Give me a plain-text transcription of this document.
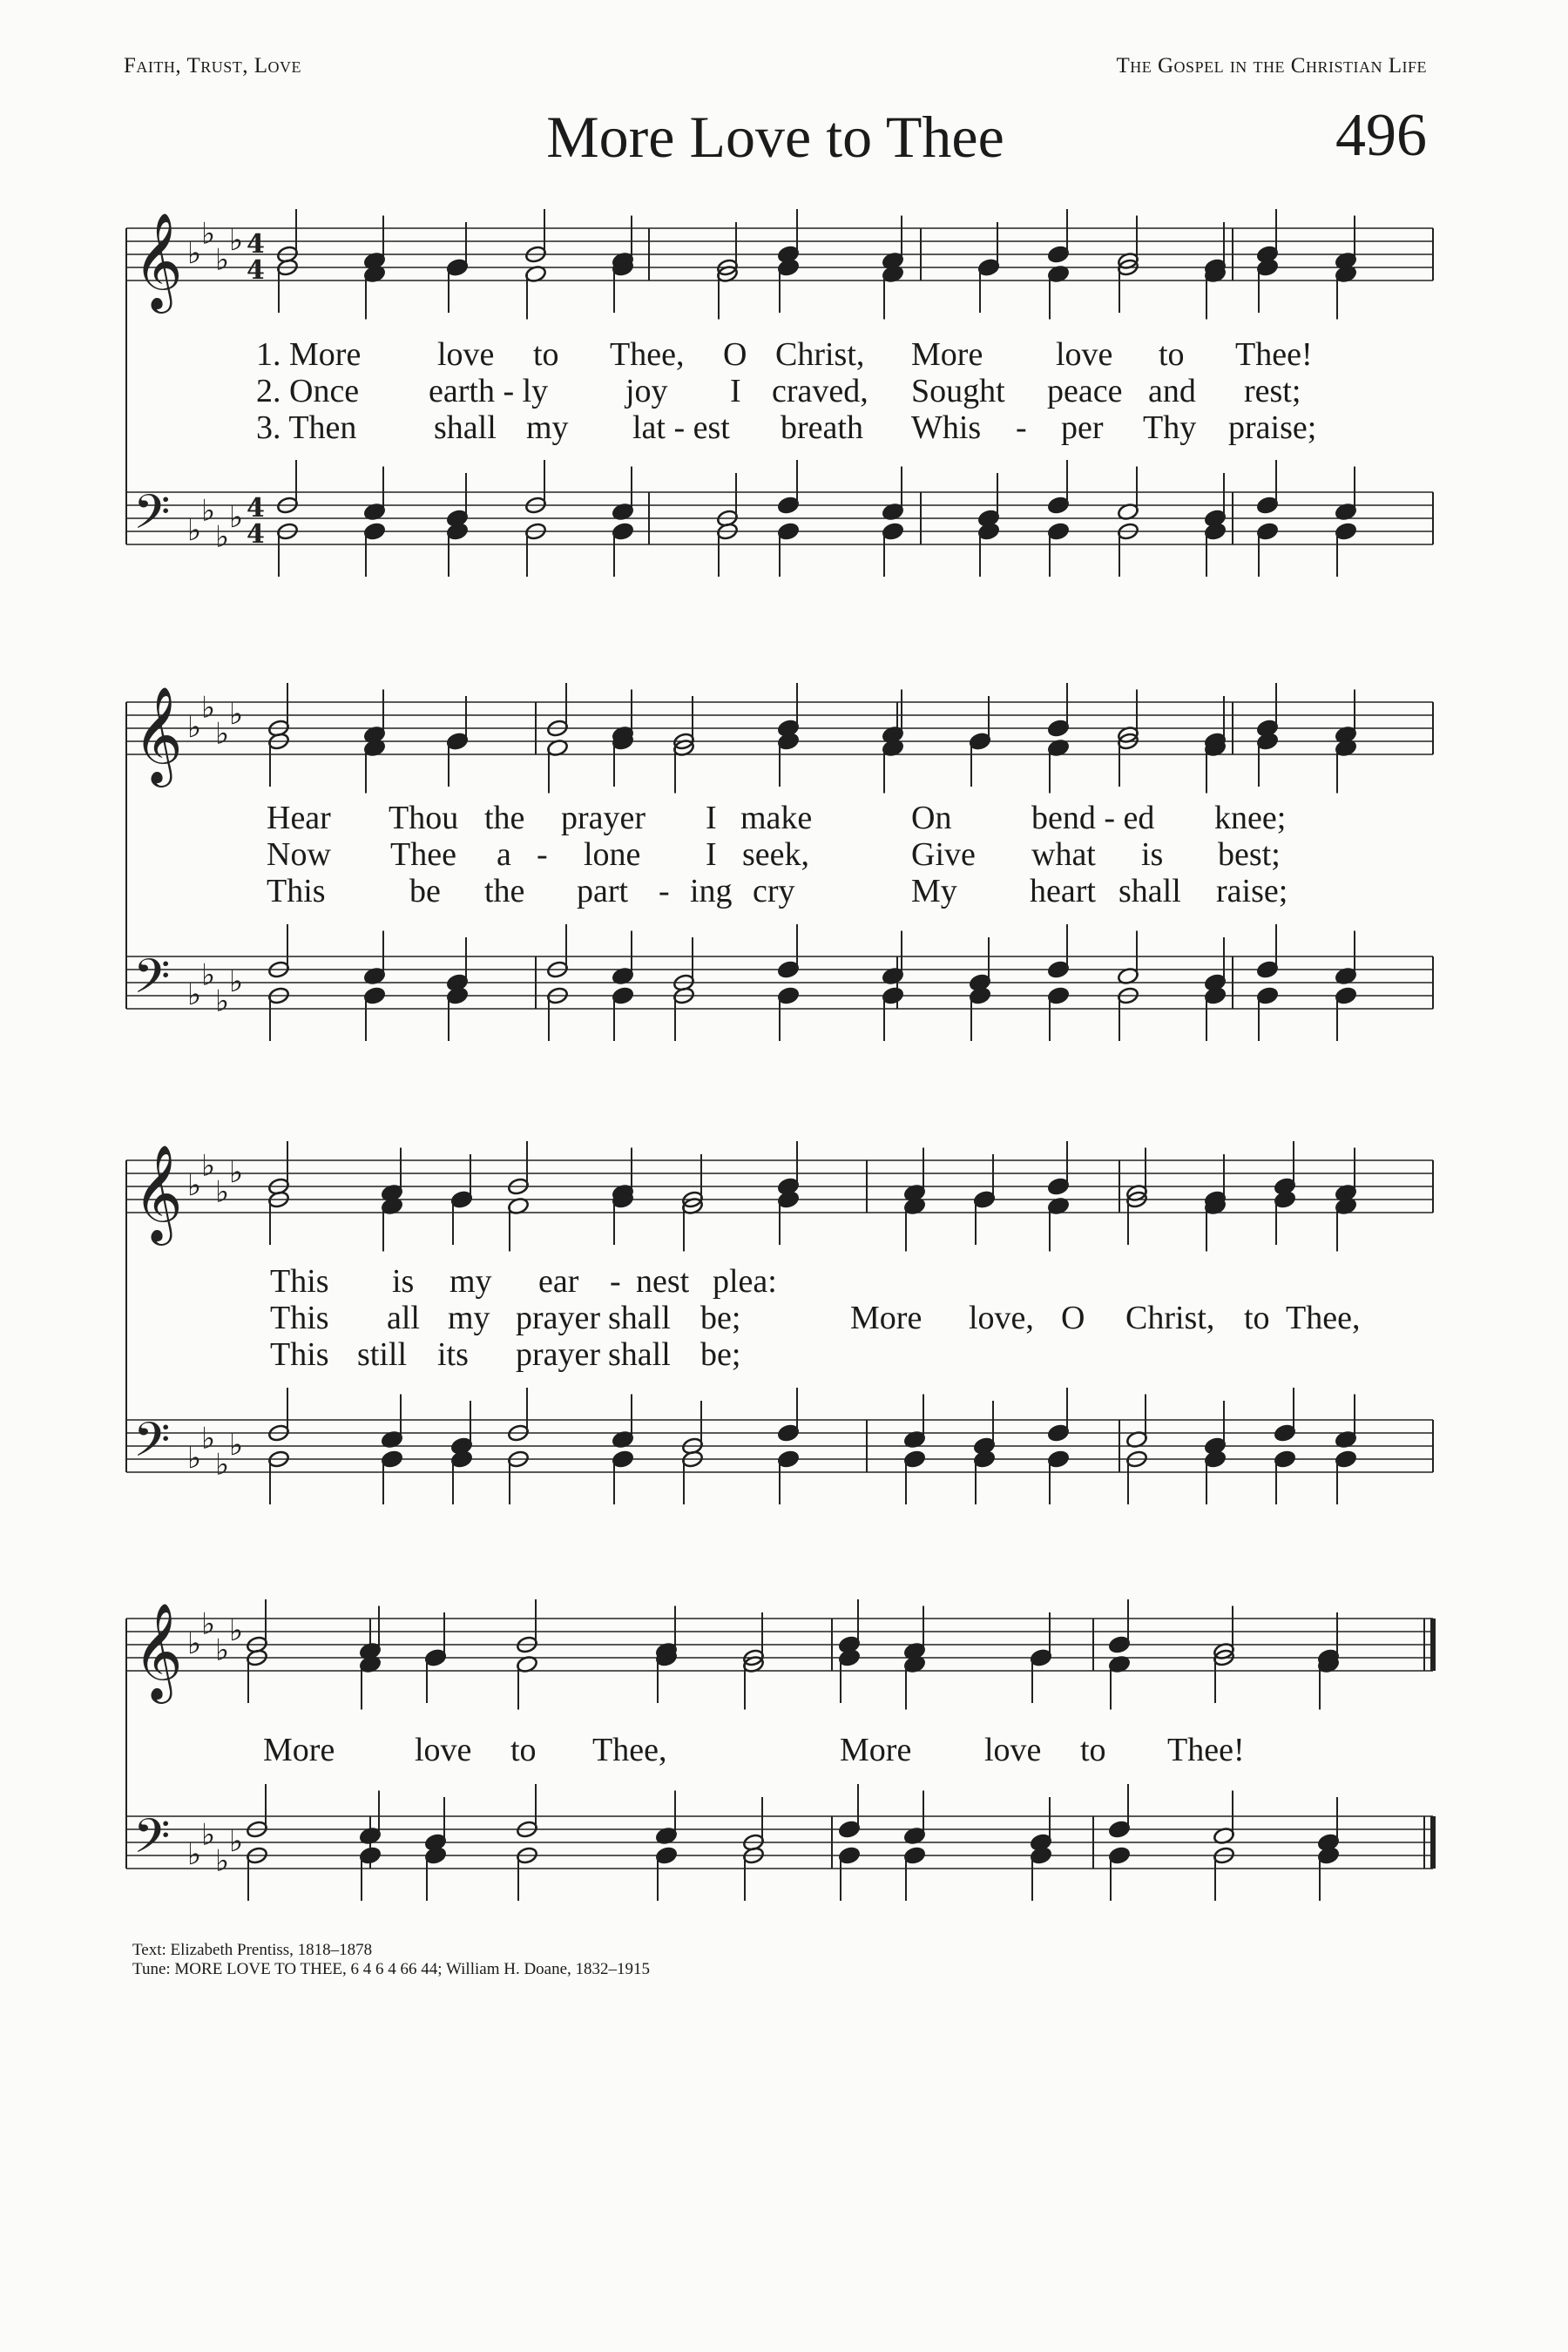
Faith, Trust, Love	The Gospel in the Christian Life
More Love to Thee	496
𝄞 ♭
♭
♭
♭ 4
4
𝄢 ♭
♭
♭
♭ 4
4
1. More love to Thee, O Christ, More love to Thee!
2. Once earth - ly joy I craved, Sought peace and rest;
3. Then shall my lat - est breath Whis - per Thy praise;
𝄞 ♭
♭
♭
♭
𝄢 ♭
♭
♭
♭
Hear Thou the prayer I make	On bend - ed knee;
Now Thee a - lone I seek,	Give what is best;
This	be the part - ing cry	My heart shall raise;
𝄞 ♭
♭
♭
♭
𝄢 ♭
♭
♭
♭
This is my ear - nest plea:
This all my prayer shall be;	More love, O Christ, to Thee,
This still its prayer shall be;
𝄞 ♭
♭
♭
♭
𝄢 ♭
♭
♭
♭
More love to Thee,	More love to Thee!
Text: Elizabeth Prentiss, 1818–1878
Tune: MORE LOVE TO THEE, 6 4 6 4 66 44; William H. Doane, 1832–1915
